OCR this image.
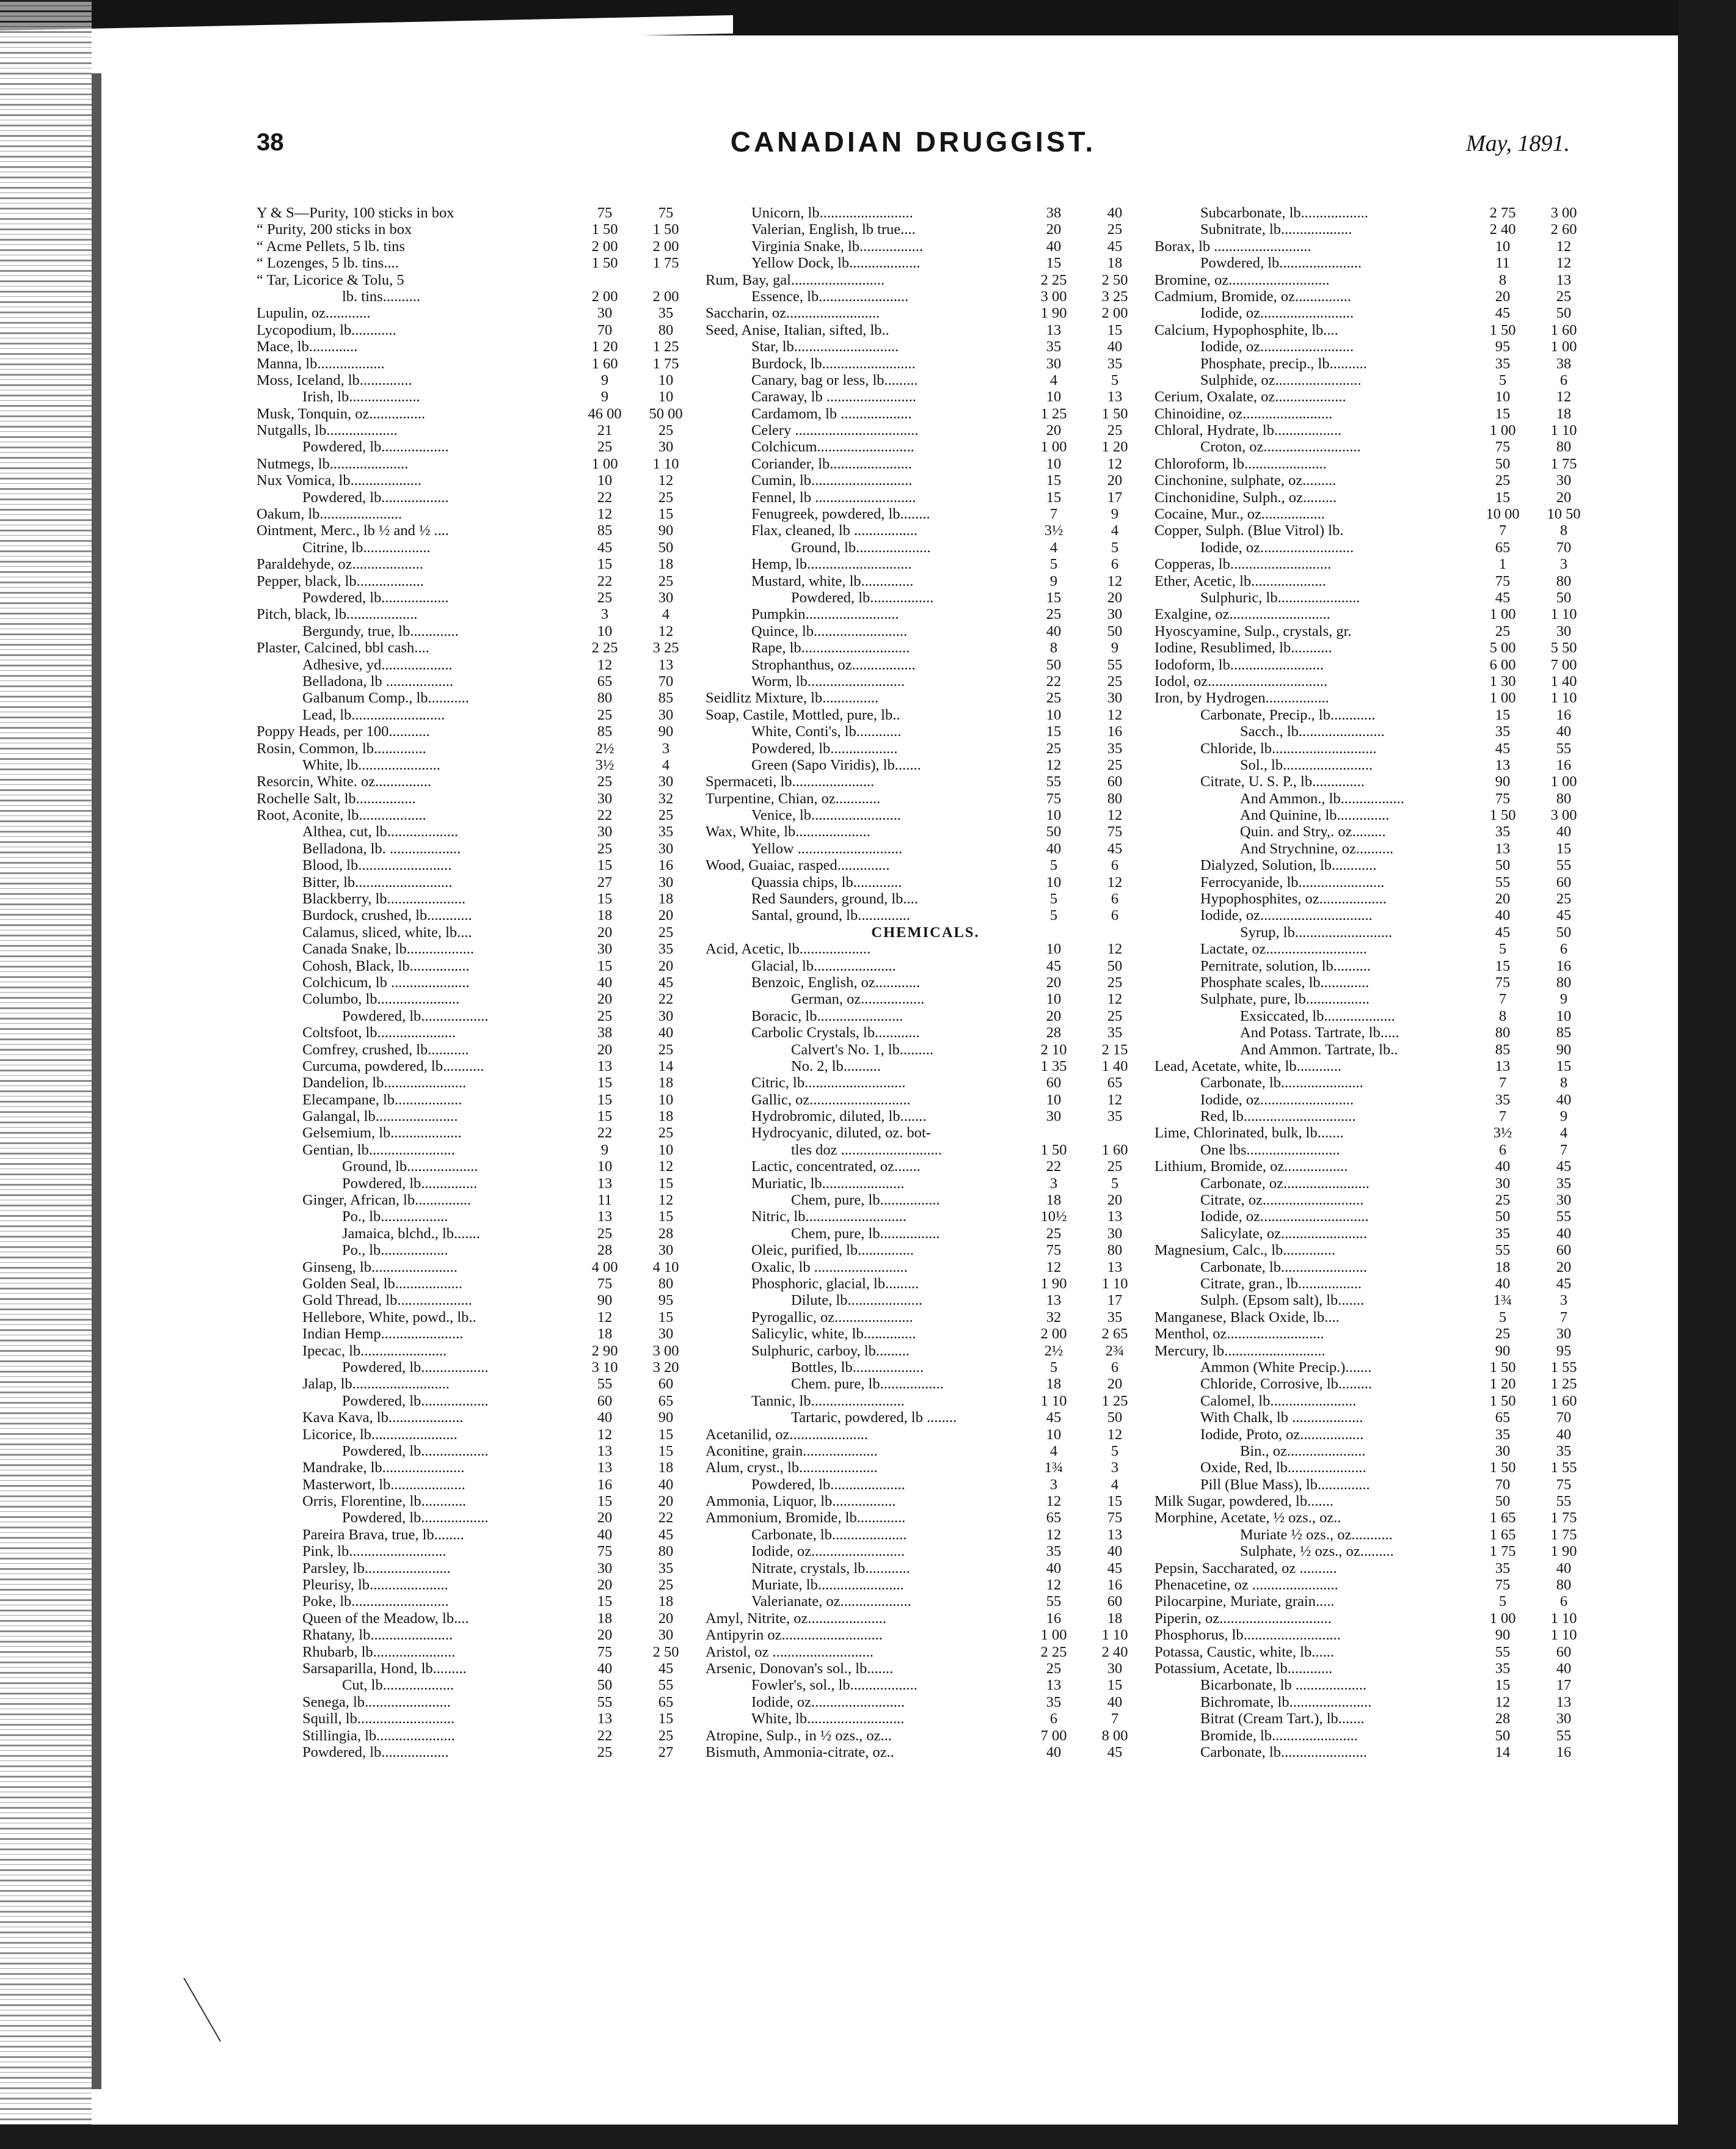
38	CANADIAN DRUGGIST.	May, 1891.
Y & S—Purity, 100 sticks in box	75	75
“ Purity, 200 sticks in box	1 50	1 50
“ Acme Pellets, 5 lb. tins	2 00	2 00
“ Lozenges, 5 lb. tins....	1 50	1 75
“ Tar, Licorice & Tolu, 5
lb. tins..........	2 00	2 00
Lupulin, oz............	30	35
Lycopodium, lb............	70	80
Mace, lb.............	1 20	1 25
Manna, lb..................	1 60	1 75
Moss, Iceland, lb..............	9	10
Irish, lb...................	9	10
Musk, Tonquin, oz...............	46 00	50 00
Nutgalls, lb...................	21	25
Powdered, lb..................	25	30
Nutmegs, lb.....................	1 00	1 10
Nux Vomica, lb...................	10	12
Powdered, lb..................	22	25
Oakum, lb......................	12	15
Ointment, Merc., lb ½ and ½ ....	85	90
Citrine, lb..................	45	50
Paraldehyde, oz...................	15	18
Pepper, black, lb..................	22	25
Powdered, lb..................	25	30
Pitch, black, lb...................	3	4
Bergundy, true, lb.............	10	12
Plaster, Calcined, bbl cash....	2 25	3 25
Adhesive, yd...................	12	13
Belladona, lb ..................	65	70
Galbanum Comp., lb...........	80	85
Lead, lb.........................	25	30
Poppy Heads, per 100...........	85	90
Rosin, Common, lb..............	2½	3
White, lb......................	3½	4
Resorcin, White. oz...............	25	30
Rochelle Salt, lb................	30	32
Root, Aconite, lb..................	22	25
Althea, cut, lb...................	30	35
Belladona, lb. ...................	25	30
Blood, lb.........................	15	16
Bitter, lb..........................	27	30
Blackberry, lb.....................	15	18
Burdock, crushed, lb............	18	20
Calamus, sliced, white, lb....	20	25
Canada Snake, lb..................	30	35
Cohosh, Black, lb................	15	20
Colchicum, lb .....................	40	45
Columbo, lb......................	20	22
Powdered, lb..................	25	30
Coltsfoot, lb.....................	38	40
Comfrey, crushed, lb...........	20	25
Curcuma, powdered, lb...........	13	14
Dandelion, lb......................	15	18
Elecampane, lb..................	15	10
Galangal, lb......................	15	18
Gelsemium, lb...................	22	25
Gentian, lb.......................	9	10
Ground, lb...................	10	12
Powdered, lb...............	13	15
Ginger, African, lb...............	11	12
Po., lb..................	13	15
Jamaica, blchd., lb.......	25	28
Po., lb..................	28	30
Ginseng, lb.......................	4 00	4 10
Golden Seal, lb..................	75	80
Gold Thread, lb....................	90	95
Hellebore, White, powd., lb..	12	15
Indian Hemp......................	18	30
Ipecac, lb.......................	2 90	3 00
Powdered, lb..................	3 10	3 20
Jalap, lb..........................	55	60
Powdered, lb..................	60	65
Kava Kava, lb....................	40	90
Licorice, lb.......................	12	15
Powdered, lb..................	13	15
Mandrake, lb......................	13	18
Masterwort, lb....................	16	40
Orris, Florentine, lb............	15	20
Powdered, lb..................	20	22
Pareira Brava, true, lb........	40	45
Pink, lb..........................	75	80
Parsley, lb.......................	30	35
Pleurisy, lb.....................	20	25
Poke, lb..........................	15	18
Queen of the Meadow, lb....	18	20
Rhatany, lb......................	20	30
Rhubarb, lb......................	75	2 50
Sarsaparilla, Hond, lb.........	40	45
Cut, lb...................	50	55
Senega, lb.......................	55	65
Squill, lb..........................	13	15
Stillingia, lb.....................	22	25
Powdered, lb..................	25	27
Unicorn, lb.........................	38	40
Valerian, English, lb true....	20	25
Virginia Snake, lb.................	40	45
Yellow Dock, lb...................	15	18
Rum, Bay, gal.........................	2 25	2 50
Essence, lb........................	3 00	3 25
Saccharin, oz.........................	1 90	2 00
Seed, Anise, Italian, sifted, lb..	13	15
Star, lb............................	35	40
Burdock, lb.........................	30	35
Canary, bag or less, lb.........	4	5
Caraway, lb ........................	10	13
Cardamom, lb ...................	1 25	1 50
Celery .................................	20	25
Colchicum..........................	1 00	1 20
Coriander, lb......................	10	12
Cumin, lb...........................	15	20
Fennel, lb ...........................	15	17
Fenugreek, powdered, lb........	7	9
Flax, cleaned, lb .................	3½	4
Ground, lb....................	4	5
Hemp, lb............................	5	6
Mustard, white, lb..............	9	12
Powdered, lb.................	15	20
Pumpkin.........................	25	30
Quince, lb.........................	40	50
Rape, lb.............................	8	9
Strophanthus, oz.................	50	55
Worm, lb..........................	22	25
Seidlitz Mixture, lb...............	25	30
Soap, Castile, Mottled, pure, lb..	10	12
White, Conti's, lb............	15	16
Powdered, lb..................	25	35
Green (Sapo Viridis), lb.......	12	25
Spermaceti, lb......................	55	60
Turpentine, Chian, oz............	75	80
Venice, lb........................	10	12
Wax, White, lb....................	50	75
Yellow ............................	40	45
Wood, Guaiac, rasped..............	5	6
Quassia chips, lb.............	10	12
Red Saunders, ground, lb....	5	6
Santal, ground, lb..............	5	6
CHEMICALS.
Acid, Acetic, lb...................	10	12
Glacial, lb......................	45	50
Benzoic, English, oz............	20	25
German, oz.................	10	12
Boracic, lb.......................	20	25
Carbolic Crystals, lb............	28	35
Calvert's No. 1, lb.........	2 10	2 15
No. 2, lb..........	1 35	1 40
Citric, lb...........................	60	65
Gallic, oz...........................	10	12
Hydrobromic, diluted, lb.......	30	35
Hydrocyanic, diluted, oz. bot-
tles doz ...........................	1 50	1 60
Lactic, concentrated, oz.......	22	25
Muriatic, lb......................	3	5
Chem, pure, lb................	18	20
Nitric, lb...........................	10½	13
Chem, pure, lb................	25	30
Oleic, purified, lb...............	75	80
Oxalic, lb .........................	12	13
Phosphoric, glacial, lb.........	1 90	1 10
Dilute, lb....................	13	17
Pyrogallic, oz.....................	32	35
Salicylic, white, lb..............	2 00	2 65
Sulphuric, carboy, lb.........	2½	2¾
Bottles, lb...................	5	6
Chem. pure, lb.................	18	20
Tannic, lb.........................	1 10	1 25
Tartaric, powdered, lb ........	45	50
Acetanilid, oz.....................	10	12
Aconitine, grain....................	4	5
Alum, cryst., lb.....................	1¾	3
Powdered, lb....................	3	4
Ammonia, Liquor, lb.................	12	15
Ammonium, Bromide, lb.............	65	75
Carbonate, lb....................	12	13
Iodide, oz.........................	35	40
Nitrate, crystals, lb............	40	45
Muriate, lb.......................	12	16
Valerianate, oz...................	55	60
Amyl, Nitrite, oz.....................	16	18
Antipyrin oz...........................	1 00	1 10
Aristol, oz ...........................	2 25	2 40
Arsenic, Donovan's sol., lb.......	25	30
Fowler's, sol., lb..................	13	15
Iodide, oz.........................	35	40
White, lb..........................	6	7
Atropine, Sulp., in ½ ozs., oz...	7 00	8 00
Bismuth, Ammonia-citrate, oz..	40	45
Subcarbonate, lb..................	2 75	3 00
Subnitrate, lb...................	2 40	2 60
Borax, lb ..........................	10	12
Powdered, lb......................	11	12
Bromine, oz...........................	8	13
Cadmium, Bromide, oz...............	20	25
Iodide, oz.........................	45	50
Calcium, Hypophosphite, lb....	1 50	1 60
Iodide, oz.........................	95	1 00
Phosphate, precip., lb..........	35	38
Sulphide, oz.......................	5	6
Cerium, Oxalate, oz...................	10	12
Chinoidine, oz........................	15	18
Chloral, Hydrate, lb..................	1 00	1 10
Croton, oz..........................	75	80
Chloroform, lb......................	50	1 75
Cinchonine, sulphate, oz.........	25	30
Cinchonidine, Sulph., oz.........	15	20
Cocaine, Mur., oz.................	10 00	10 50
Copper, Sulph. (Blue Vitrol) lb.	7	8
Iodide, oz.........................	65	70
Copperas, lb...........................	1	3
Ether, Acetic, lb....................	75	80
Sulphuric, lb......................	45	50
Exalgine, oz...........................	1 00	1 10
Hyoscyamine, Sulp., crystals, gr.	25	30
Iodine, Resublimed, lb...........	5 00	5 50
Iodoform, lb.........................	6 00	7 00
Iodol, oz................................	1 30	1 40
Iron, by Hydrogen.................	1 00	1 10
Carbonate, Precip., lb............	15	16
Sacch., lb.......................	35	40
Chloride, lb............................	45	55
Sol., lb........................	13	16
Citrate, U. S. P., lb..............	90	1 00
And Ammon., lb.................	75	80
And Quinine, lb..............	1 50	3 00
Quin. and Stry,. oz.........	35	40
And Strychnine, oz..........	13	15
Dialyzed, Solution, lb............	50	55
Ferrocyanide, lb.......................	55	60
Hypophosphites, oz..................	20	25
Iodide, oz..............................	40	45
Syrup, lb..........................	45	50
Lactate, oz...........................	5	6
Pernitrate, solution, lb..........	15	16
Phosphate scales, lb.............	75	80
Sulphate, pure, lb.................	7	9
Exsiccated, lb...................	8	10
And Potass. Tartrate, lb.....	80	85
And Ammon. Tartrate, lb..	85	90
Lead, Acetate, white, lb............	13	15
Carbonate, lb......................	7	8
Iodide, oz.........................	35	40
Red, lb..............................	7	9
Lime, Chlorinated, bulk, lb.......	3½	4
One lbs.........................	6	7
Lithium, Bromide, oz.................	40	45
Carbonate, oz.......................	30	35
Citrate, oz...........................	25	30
Iodide, oz.............................	50	55
Salicylate, oz.......................	35	40
Magnesium, Calc., lb..............	55	60
Carbonate, lb.......................	18	20
Citrate, gran., lb.................	40	45
Sulph. (Epsom salt), lb.......	1¾	3
Manganese, Black Oxide, lb....	5	7
Menthol, oz..........................	25	30
Mercury, lb...........................	90	95
Ammon (White Precip.).......	1 50	1 55
Chloride, Corrosive, lb.........	1 20	1 25
Calomel, lb.......................	1 50	1 60
With Chalk, lb ...................	65	70
Iodide, Proto, oz.................	35	40
Bin., oz.....................	30	35
Oxide, Red, lb.....................	1 50	1 55
Pill (Blue Mass), lb..............	70	75
Milk Sugar, powdered, lb.......	50	55
Morphine, Acetate, ½ ozs., oz..	1 65	1 75
Muriate ½ ozs., oz...........	1 65	1 75
Sulphate, ½ ozs., oz.........	1 75	1 90
Pepsin, Saccharated, oz ..........	35	40
Phenacetine, oz .......................	75	80
Pilocarpine, Muriate, grain.....	5	6
Piperin, oz..............................	1 00	1 10
Phosphorus, lb..........................	90	1 10
Potassa, Caustic, white, lb......	55	60
Potassium, Acetate, lb............	35	40
Bicarbonate, lb ...................	15	17
Bichromate, lb......................	12	13
Bitrat (Cream Tart.), lb.......	28	30
Bromide, lb.......................	50	55
Carbonate, lb.......................	14	16
